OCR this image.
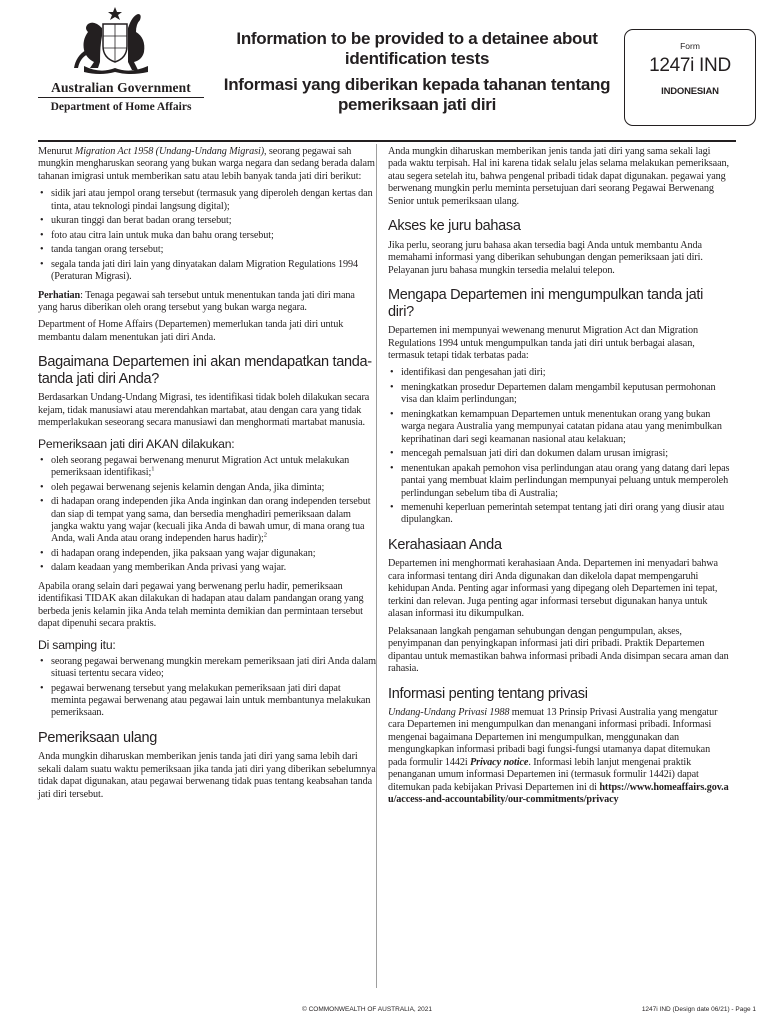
Australian Government
Department of Home Affairs
Information to be provided to a detainee about identification tests
Informasi yang diberikan kepada tahanan tentang pemeriksaan jati diri
Form
1247i IND
INDONESIAN

Menurut Migration Act 1958 (Undang-Undang Migrasi), seorang pegawai sah mungkin mengharuskan seorang yang bukan warga negara dan sedang berada dalam tahanan imigrasi untuk memberikan satu atau lebih banyak tanda jati diri berikut:

• sidik jari atau jempol orang tersebut (termasuk yang diperoleh dengan kertas dan tinta, atau teknologi pindai langsung digital);
• ukuran tinggi dan berat badan orang tersebut;
• foto atau citra lain untuk muka dan bahu orang tersebut;
• tanda tangan orang tersebut;
• segala tanda jati diri lain yang dinyatakan dalam Migration Regulations 1994 (Peraturan Migrasi).

Perhatian: Tenaga pegawai sah tersebut untuk menentukan tanda jati diri mana yang harus diberikan oleh orang tersebut yang bukan warga negara.

Department of Home Affairs (Departemen) memerlukan tanda jati diri untuk membantu dalam menentukan jati diri Anda.

Bagaimana Departemen ini akan mendapatkan tanda-tanda jati diri Anda?

Berdasarkan Undang-Undang Migrasi, tes identifikasi tidak boleh dilakukan secara kejam, tidak manusiawi atau merendahkan martabat, atau dengan cara yang tidak memperlakukan seseorang secara manusiawi dan menghormati martabat manusia.

Pemeriksaan jati diri AKAN dilakukan:
• oleh seorang pegawai berwenang menurut Migration Act untuk melakukan pemeriksaan identifikasi;$^1$
• oleh pegawai berwenang sejenis kelamin dengan Anda, jika diminta;
• di hadapan orang independen jika Anda inginkan dan orang independen tersebut dan siap di tempat yang sama, dan bersedia menghadiri pemeriksaan dalam jangka waktu yang wajar (kecuali jika Anda di bawah umur, di mana orang tua Anda, wali Anda atau orang independen harus hadir);$^2$
• di hadapan orang independen, jika paksaan yang wajar digunakan;
• dalam keadaan yang memberikan Anda privasi yang wajar.

Apabila orang selain dari pegawai yang berwenang perlu hadir, pemeriksaan identifikasi TIDAK akan dilakukan di hadapan atau dalam pandangan orang yang berbeda jenis kelamin jika Anda telah meminta demikian dan permintaan tersebut dapat dipenuhi secara praktis.

Di samping itu:
• seorang pegawai berwenang mungkin merekam pemeriksaan jati diri Anda dalam situasi tertentu secara video;
• pegawai berwenang tersebut yang melakukan pemeriksaan jati diri dapat meminta pegawai berwenang atau pegawai lain untuk membantunya melakukan pemeriksaan.
Pemeriksaan ulang

Anda mungkin diharuskan memberikan jenis tanda jati diri yang sama lebih dari sekali dalam suatu waktu pemeriksaan jika tanda jati diri yang diberikan sebelumnya tidak dapat digunakan, atau pegawai berwenang tidak puas tentang keabsahan tanda jati diri tersebut.

Anda mungkin diharuskan memberikan jenis tanda jati diri yang sama sekali lagi pada waktu terpisah. Hal ini karena tidak selalu jelas selama melakukan pemeriksaan, atau segera setelah itu, bahwa pengenal pribadi tidak dapat digunakan. pegawai yang berwenang mungkin perlu meminta persetujuan dari seorang Pegawai Berwenang Senior untuk pemeriksaan ulang.

Akses ke juru bahasa

Jika perlu, seorang juru bahasa akan tersedia bagi Anda untuk membantu Anda memahami informasi yang diberikan sehubungan dengan pemeriksaan jati diri. Pelayanan juru bahasa mungkin tersedia melalui telepon.

Mengapa Departemen ini mengumpulkan tanda jati diri?

Departemen ini mempunyai wewenang menurut Migration Act dan Migration Regulations 1994 untuk mengumpulkan tanda jati diri untuk berbagai alasan, termasuk tetapi tidak terbatas pada:

• identifikasi dan pengesahan jati diri;
• meningkatkan prosedur Departemen dalam mengambil keputusan permohonan visa dan klaim perlindungan;
• meningkatkan kemampuan Departemen untuk menentukan orang yang bukan warga negara Australia yang mempunyai catatan pidana atau yang menimbulkan keprihatinan dari segi keamanan nasional atau kelakuan;
• mencegah pemalsuan jati diri dan dokumen dalam urusan imigrasi;
• menentukan apakah pemohon visa perlindungan atau orang yang datang dari lepas pantai yang membuat klaim perlindungan mempunyai peluang untuk memperoleh perlindungan sebelum tiba di Australia;
• memenuhi keperluan pemerintah setempat tentang jati diri orang yang diusir atau dipulangkan.
Kerahasiaan Anda

Departemen ini menghormati kerahasiaan Anda. Departemen ini menyadari bahwa cara informasi tentang diri Anda digunakan dan dikelola dapat mempengaruhi kehidupan Anda. Penting agar informasi yang dipegang oleh Departemen ini tepat, terkini dan relevan. Juga penting agar informasi tersebut digunakan hanya untuk alasan informasi itu dikumpulkan.

Pelaksanaan langkah pengaman sehubungan dengan pengumpulan, akses, penyimpanan dan penyingkapan informasi jati diri pribadi. Praktik Departemen dipantau untuk memastikan bahwa informasi pribadi Anda disimpan secara aman dan rahasia.

Informasi penting tentang privasi

Undang-Undang Privasi 1988 memuat 13 Prinsip Privasi Australia yang mengatur cara Departemen ini mengumpulkan dan menangani informasi pribadi. Informasi mengenai bagaimana Departemen ini mengumpulkan, menggunakan dan mengungkapkan informasi pribadi bagi fungsi-fungsi utamanya dapat ditemukan pada formulir 1442i Privacy notice. Informasi lebih lanjut mengenai praktik penanganan umum informasi Departemen ini (termasuk formulir 1442i) dapat ditemukan pada kebijakan Privasi Departemen ini di https://www.homeaffairs.gov.au/access-and-accountability/our-commitments/privacy

© COMMONWEALTH OF AUSTRALIA, 2021	1247i IND (Design date 06/21) - Page 1
